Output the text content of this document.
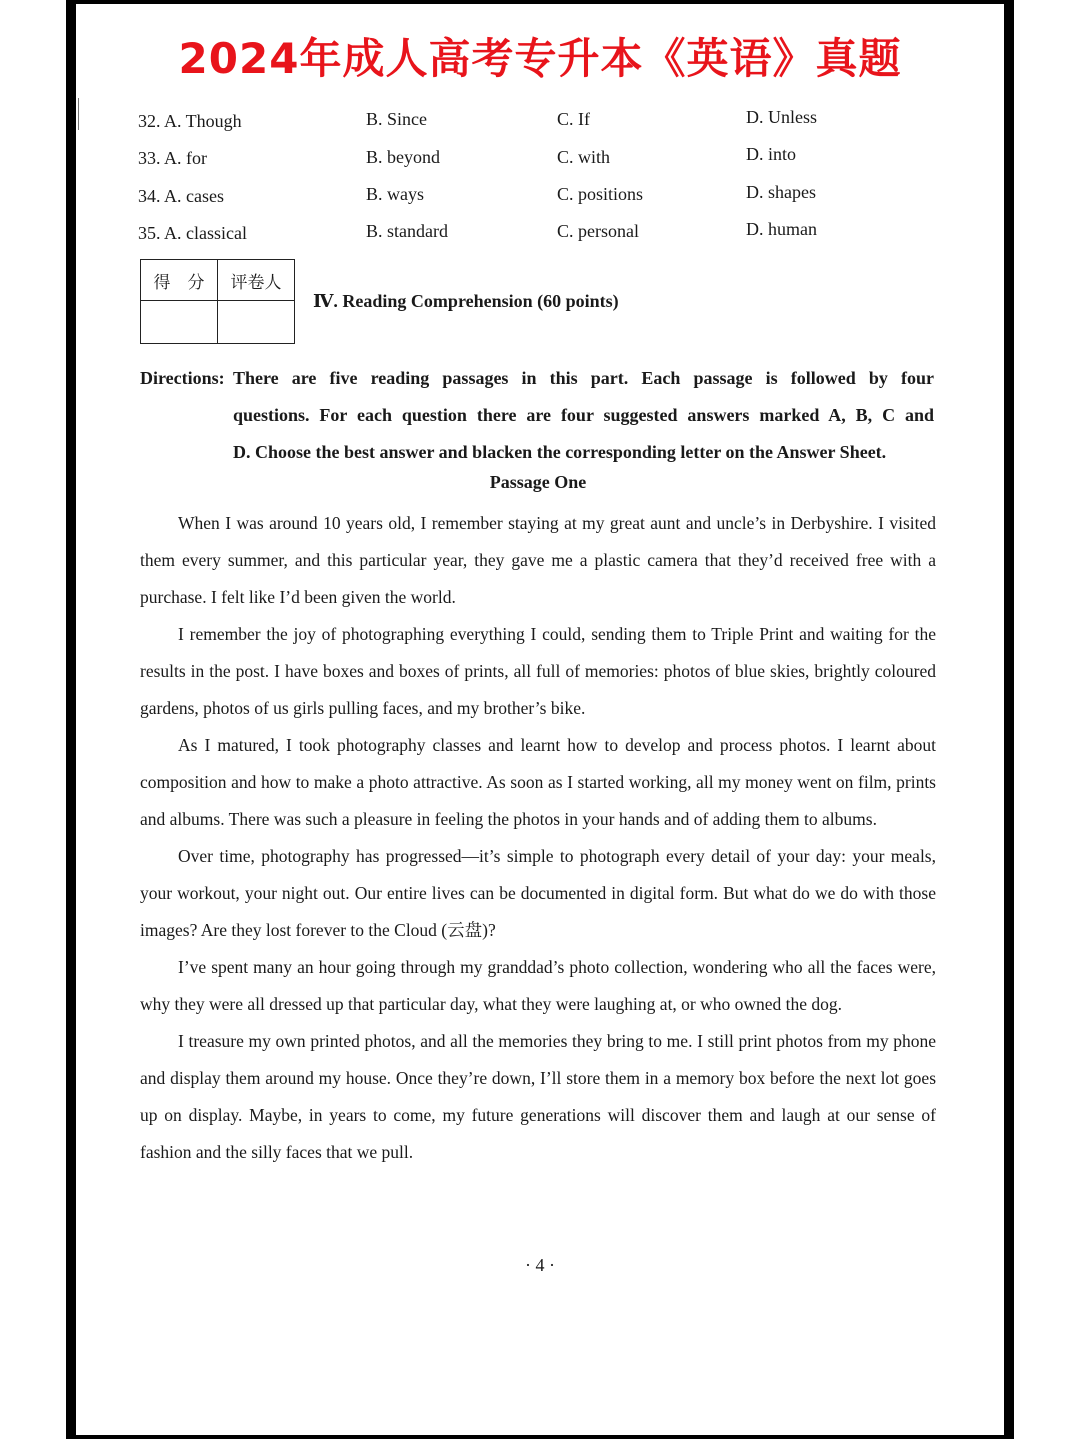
2024年成人高考专升本《英语》真题
32. A. Though	B. Since	C. If	D. Unless
33. A. for	B. beyond	C. with	D. into
34. A. cases	B. ways	C. positions	D. shapes
35. A. classical	B. standard	C. personal	D. human
得　分	评卷人

Ⅳ. Reading Comprehension (60 points)
Directions: There are five reading passages in this part. Each passage is followed by four
questions. For each question there are four suggested answers marked A, B, C and
D. Choose the best answer and blacken the corresponding letter on the Answer Sheet.
Passage One

When I was around 10 years old, I remember staying at my great aunt and uncle’s in Derbyshire. I visited them every summer, and this particular year, they gave me a plastic camera that they’d received free with a purchase. I felt like I’d been given the world.

I remember the joy of photographing everything I could, sending them to Triple Print and waiting for the results in the post. I have boxes and boxes of prints, all full of memories: photos of blue skies, brightly coloured gardens, photos of us girls pulling faces, and my brother’s bike.

As I matured, I took photography classes and learnt how to develop and process photos. I learnt about composition and how to make a photo attractive. As soon as I started working, all my money went on film, prints and albums. There was such a pleasure in feeling the photos in your hands and of adding them to albums.

Over time, photography has progressed—it’s simple to photograph every detail of your day: your meals, your workout, your night out. Our entire lives can be documented in digital form. But what do we do with those images? Are they lost forever to the Cloud (云盘)?

I’ve spent many an hour going through my granddad’s photo collection, wondering who all the faces were, why they were all dressed up that particular day, what they were laughing at, or who owned the dog.

I treasure my own printed photos, and all the memories they bring to me. I still print photos from my phone and display them around my house. Once they’re down, I’ll store them in a memory box before the next lot goes up on display. Maybe, in years to come, my future generations will discover them and laugh at our sense of fashion and the silly faces that we pull.

· 4 ·
